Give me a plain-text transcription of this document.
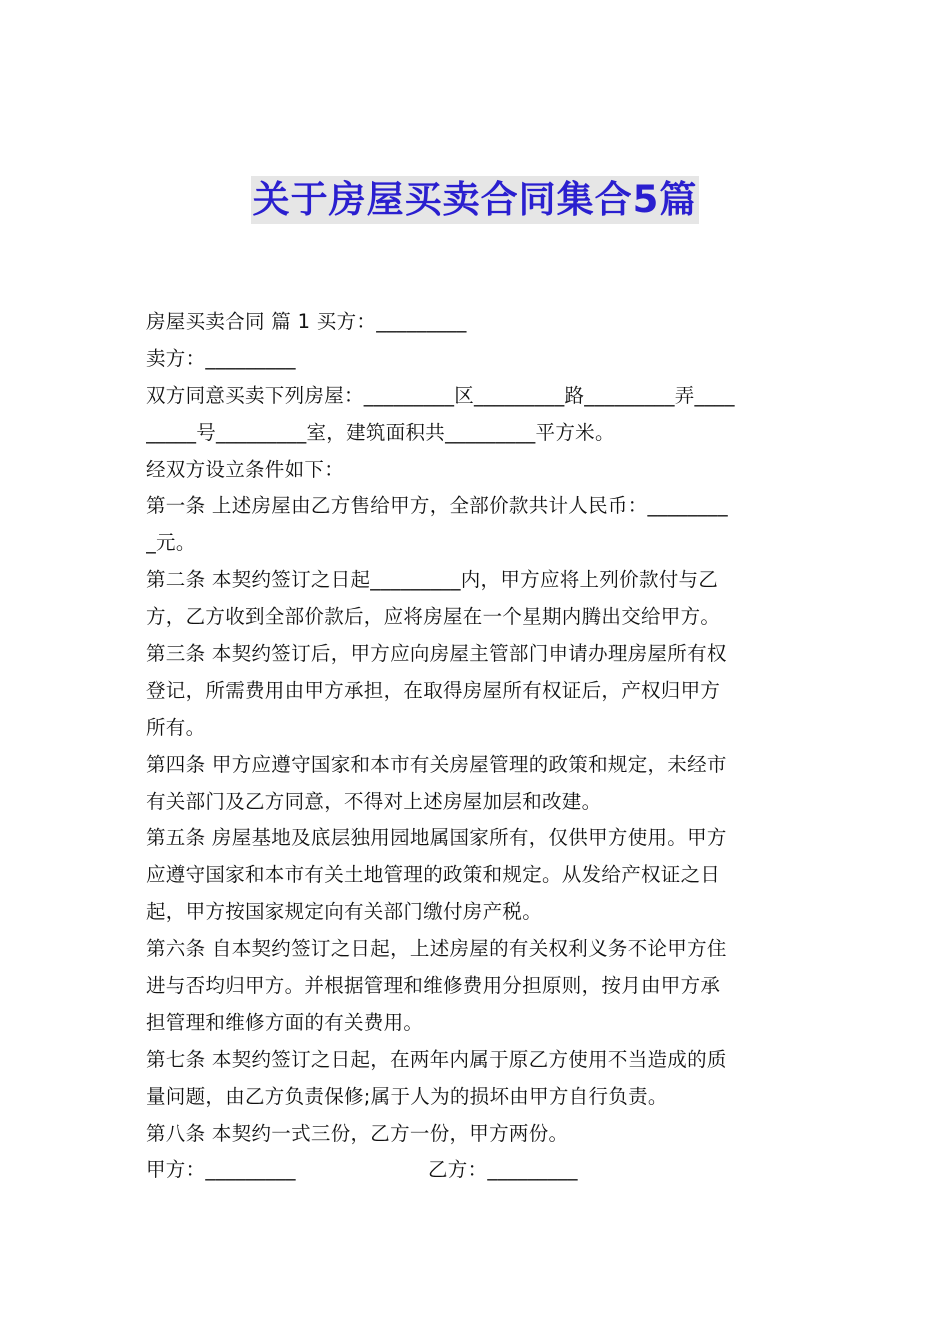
关于房屋买卖合同集合5篇
房屋买卖合同 篇 1 买方：_________
卖方：_________
双方同意买卖下列房屋：_________区_________路_________弄____
_____号_________室，建筑面积共_________平方米。
经双方设立条件如下：
第一条 上述房屋由乙方售给甲方，全部价款共计人民币：________
_元。
第二条 本契约签订之日起_________内，甲方应将上列价款付与乙
方，乙方收到全部价款后，应将房屋在一个星期内腾出交给甲方。
第三条 本契约签订后，甲方应向房屋主管部门申请办理房屋所有权
登记，所需费用由甲方承担，在取得房屋所有权证后，产权归甲方
所有。
第四条 甲方应遵守国家和本市有关房屋管理的政策和规定，未经市
有关部门及乙方同意，不得对上述房屋加层和改建。
第五条 房屋基地及底层独用园地属国家所有，仅供甲方使用。甲方
应遵守国家和本市有关土地管理的政策和规定。从发给产权证之日
起，甲方按国家规定向有关部门缴付房产税。
第六条 自本契约签订之日起，上述房屋的有关权利义务不论甲方住
进与否均归甲方。并根据管理和维修费用分担原则，按月由甲方承
担管理和维修方面的有关费用。
第七条 本契约签订之日起，在两年内属于原乙方使用不当造成的质
量问题，由乙方负责保修;属于人为的损坏由甲方自行负责。
第八条 本契约一式三份，乙方一份，甲方两份。
甲方：_________	乙方：_________
